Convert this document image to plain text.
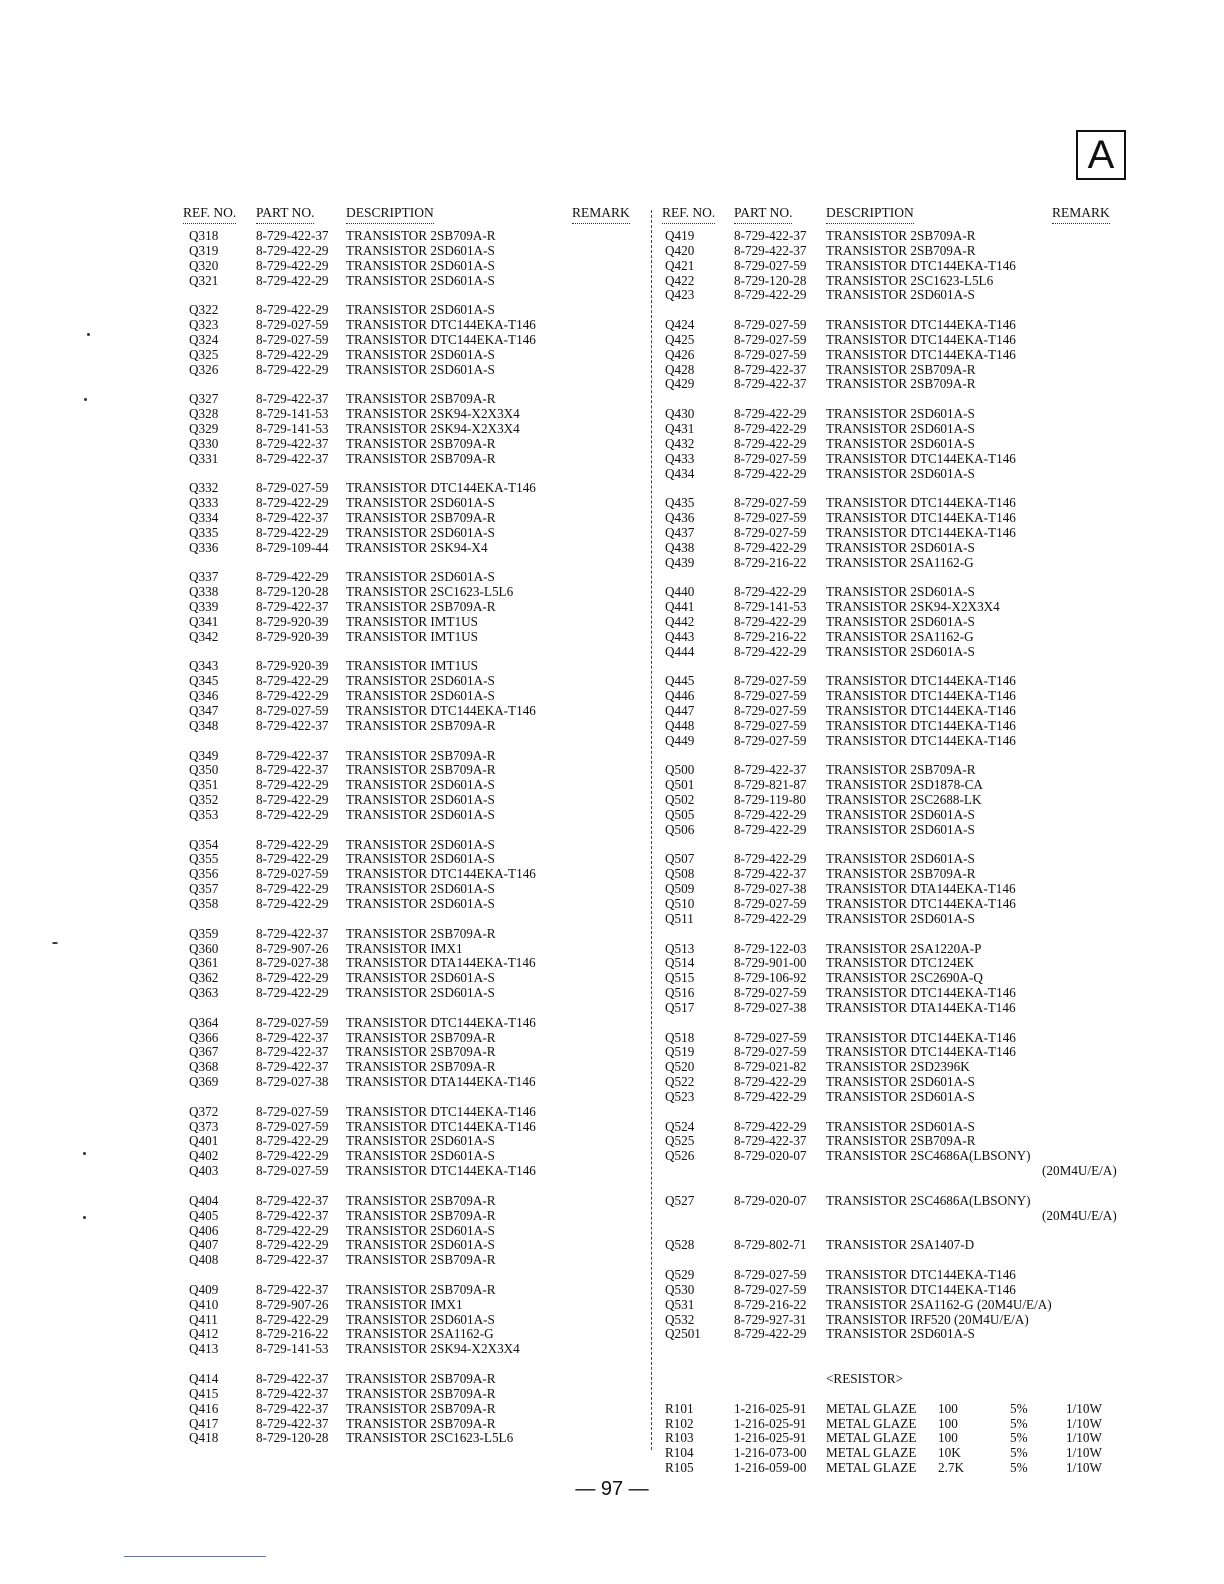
A
REF. NO. PART NO. DESCRIPTION	REMARK
Q318	8-729-422-37 TRANSISTOR 2SB709A-R
Q319	8-729-422-29 TRANSISTOR 2SD601A-S
Q320	8-729-422-29 TRANSISTOR 2SD601A-S
Q321	8-729-422-29 TRANSISTOR 2SD601A-S
Q322	8-729-422-29 TRANSISTOR 2SD601A-S
Q323	8-729-027-59 TRANSISTOR DTC144EKA-T146
Q324	8-729-027-59 TRANSISTOR DTC144EKA-T146
Q325	8-729-422-29 TRANSISTOR 2SD601A-S
Q326	8-729-422-29 TRANSISTOR 2SD601A-S
Q327	8-729-422-37 TRANSISTOR 2SB709A-R
Q328	8-729-141-53 TRANSISTOR 2SK94-X2X3X4
Q329	8-729-141-53 TRANSISTOR 2SK94-X2X3X4
Q330	8-729-422-37 TRANSISTOR 2SB709A-R
Q331	8-729-422-37 TRANSISTOR 2SB709A-R
Q332	8-729-027-59 TRANSISTOR DTC144EKA-T146
Q333	8-729-422-29 TRANSISTOR 2SD601A-S
Q334	8-729-422-37 TRANSISTOR 2SB709A-R
Q335	8-729-422-29 TRANSISTOR 2SD601A-S
Q336	8-729-109-44 TRANSISTOR 2SK94-X4
Q337	8-729-422-29 TRANSISTOR 2SD601A-S
Q338	8-729-120-28 TRANSISTOR 2SC1623-L5L6
Q339	8-729-422-37 TRANSISTOR 2SB709A-R
Q341	8-729-920-39 TRANSISTOR IMT1US
Q342	8-729-920-39 TRANSISTOR IMT1US
Q343	8-729-920-39 TRANSISTOR IMT1US
Q345	8-729-422-29 TRANSISTOR 2SD601A-S
Q346	8-729-422-29 TRANSISTOR 2SD601A-S
Q347	8-729-027-59 TRANSISTOR DTC144EKA-T146
Q348	8-729-422-37 TRANSISTOR 2SB709A-R
Q349	8-729-422-37 TRANSISTOR 2SB709A-R
Q350	8-729-422-37 TRANSISTOR 2SB709A-R
Q351	8-729-422-29 TRANSISTOR 2SD601A-S
Q352	8-729-422-29 TRANSISTOR 2SD601A-S
Q353	8-729-422-29 TRANSISTOR 2SD601A-S
Q354	8-729-422-29 TRANSISTOR 2SD601A-S
Q355	8-729-422-29 TRANSISTOR 2SD601A-S
Q356	8-729-027-59 TRANSISTOR DTC144EKA-T146
Q357	8-729-422-29 TRANSISTOR 2SD601A-S
Q358	8-729-422-29 TRANSISTOR 2SD601A-S
Q359	8-729-422-37 TRANSISTOR 2SB709A-R
Q360	8-729-907-26 TRANSISTOR IMX1
Q361	8-729-027-38 TRANSISTOR DTA144EKA-T146
Q362	8-729-422-29 TRANSISTOR 2SD601A-S
Q363	8-729-422-29 TRANSISTOR 2SD601A-S
Q364	8-729-027-59 TRANSISTOR DTC144EKA-T146
Q366	8-729-422-37 TRANSISTOR 2SB709A-R
Q367	8-729-422-37 TRANSISTOR 2SB709A-R
Q368	8-729-422-37 TRANSISTOR 2SB709A-R
Q369	8-729-027-38 TRANSISTOR DTA144EKA-T146
Q372	8-729-027-59 TRANSISTOR DTC144EKA-T146
Q373	8-729-027-59 TRANSISTOR DTC144EKA-T146
Q401	8-729-422-29 TRANSISTOR 2SD601A-S
Q402	8-729-422-29 TRANSISTOR 2SD601A-S
Q403	8-729-027-59 TRANSISTOR DTC144EKA-T146
Q404	8-729-422-37 TRANSISTOR 2SB709A-R
Q405	8-729-422-37 TRANSISTOR 2SB709A-R
Q406	8-729-422-29 TRANSISTOR 2SD601A-S
Q407	8-729-422-29 TRANSISTOR 2SD601A-S
Q408	8-729-422-37 TRANSISTOR 2SB709A-R
Q409	8-729-422-37 TRANSISTOR 2SB709A-R
Q410	8-729-907-26 TRANSISTOR IMX1
Q411	8-729-422-29 TRANSISTOR 2SD601A-S
Q412	8-729-216-22 TRANSISTOR 2SA1162-G
Q413	8-729-141-53 TRANSISTOR 2SK94-X2X3X4
Q414	8-729-422-37 TRANSISTOR 2SB709A-R
Q415	8-729-422-37 TRANSISTOR 2SB709A-R
Q416	8-729-422-37 TRANSISTOR 2SB709A-R
Q417	8-729-422-37 TRANSISTOR 2SB709A-R
Q418	8-729-120-28 TRANSISTOR 2SC1623-L5L6
REF. NO. PART NO. DESCRIPTION	REMARK
Q419	8-729-422-37 TRANSISTOR 2SB709A-R
Q420	8-729-422-37 TRANSISTOR 2SB709A-R
Q421	8-729-027-59 TRANSISTOR DTC144EKA-T146
Q422	8-729-120-28 TRANSISTOR 2SC1623-L5L6
Q423	8-729-422-29 TRANSISTOR 2SD601A-S
Q424	8-729-027-59 TRANSISTOR DTC144EKA-T146
Q425	8-729-027-59 TRANSISTOR DTC144EKA-T146
Q426	8-729-027-59 TRANSISTOR DTC144EKA-T146
Q428	8-729-422-37 TRANSISTOR 2SB709A-R
Q429	8-729-422-37 TRANSISTOR 2SB709A-R
Q430	8-729-422-29 TRANSISTOR 2SD601A-S
Q431	8-729-422-29 TRANSISTOR 2SD601A-S
Q432	8-729-422-29 TRANSISTOR 2SD601A-S
Q433	8-729-027-59 TRANSISTOR DTC144EKA-T146
Q434	8-729-422-29 TRANSISTOR 2SD601A-S
Q435	8-729-027-59 TRANSISTOR DTC144EKA-T146
Q436	8-729-027-59 TRANSISTOR DTC144EKA-T146
Q437	8-729-027-59 TRANSISTOR DTC144EKA-T146
Q438	8-729-422-29 TRANSISTOR 2SD601A-S
Q439	8-729-216-22 TRANSISTOR 2SA1162-G
Q440	8-729-422-29 TRANSISTOR 2SD601A-S
Q441	8-729-141-53 TRANSISTOR 2SK94-X2X3X4
Q442	8-729-422-29 TRANSISTOR 2SD601A-S
Q443	8-729-216-22 TRANSISTOR 2SA1162-G
Q444	8-729-422-29 TRANSISTOR 2SD601A-S
Q445	8-729-027-59 TRANSISTOR DTC144EKA-T146
Q446	8-729-027-59 TRANSISTOR DTC144EKA-T146
Q447	8-729-027-59 TRANSISTOR DTC144EKA-T146
Q448	8-729-027-59 TRANSISTOR DTC144EKA-T146
Q449	8-729-027-59 TRANSISTOR DTC144EKA-T146
Q500	8-729-422-37 TRANSISTOR 2SB709A-R
Q501	8-729-821-87 TRANSISTOR 2SD1878-CA
Q502	8-729-119-80 TRANSISTOR 2SC2688-LK
Q505	8-729-422-29 TRANSISTOR 2SD601A-S
Q506	8-729-422-29 TRANSISTOR 2SD601A-S
Q507	8-729-422-29 TRANSISTOR 2SD601A-S
Q508	8-729-422-37 TRANSISTOR 2SB709A-R
Q509	8-729-027-38 TRANSISTOR DTA144EKA-T146
Q510	8-729-027-59 TRANSISTOR DTC144EKA-T146
Q511	8-729-422-29 TRANSISTOR 2SD601A-S
Q513	8-729-122-03 TRANSISTOR 2SA1220A-P
Q514	8-729-901-00 TRANSISTOR DTC124EK
Q515	8-729-106-92 TRANSISTOR 2SC2690A-Q
Q516	8-729-027-59 TRANSISTOR DTC144EKA-T146
Q517	8-729-027-38 TRANSISTOR DTA144EKA-T146
Q518	8-729-027-59 TRANSISTOR DTC144EKA-T146
Q519	8-729-027-59 TRANSISTOR DTC144EKA-T146
Q520	8-729-021-82 TRANSISTOR 2SD2396K
Q522	8-729-422-29 TRANSISTOR 2SD601A-S
Q523	8-729-422-29 TRANSISTOR 2SD601A-S
Q524	8-729-422-29 TRANSISTOR 2SD601A-S
Q525	8-729-422-37 TRANSISTOR 2SB709A-R
Q526	8-729-020-07 TRANSISTOR 2SC4686A(LBSONY)
(20M4U/E/A)
Q527	8-729-020-07 TRANSISTOR 2SC4686A(LBSONY)
(20M4U/E/A)
Q528	8-729-802-71 TRANSISTOR 2SA1407-D
Q529	8-729-027-59 TRANSISTOR DTC144EKA-T146
Q530	8-729-027-59 TRANSISTOR DTC144EKA-T146
Q531	8-729-216-22 TRANSISTOR 2SA1162-G (20M4U/E/A)
Q532	8-729-927-31 TRANSISTOR IRF520 (20M4U/E/A)
Q2501	8-729-422-29 TRANSISTOR 2SD601A-S
<RESISTOR>
R101	1-216-025-91 METAL GLAZE 100	5%	1/10W
R102	1-216-025-91 METAL GLAZE 100	5%	1/10W
R103	1-216-025-91 METAL GLAZE 100	5%	1/10W
R104	1-216-073-00 METAL GLAZE 10K	5%	1/10W
R105	1-216-059-00 METAL GLAZE 2.7K	5%	1/10W
— 97 —
